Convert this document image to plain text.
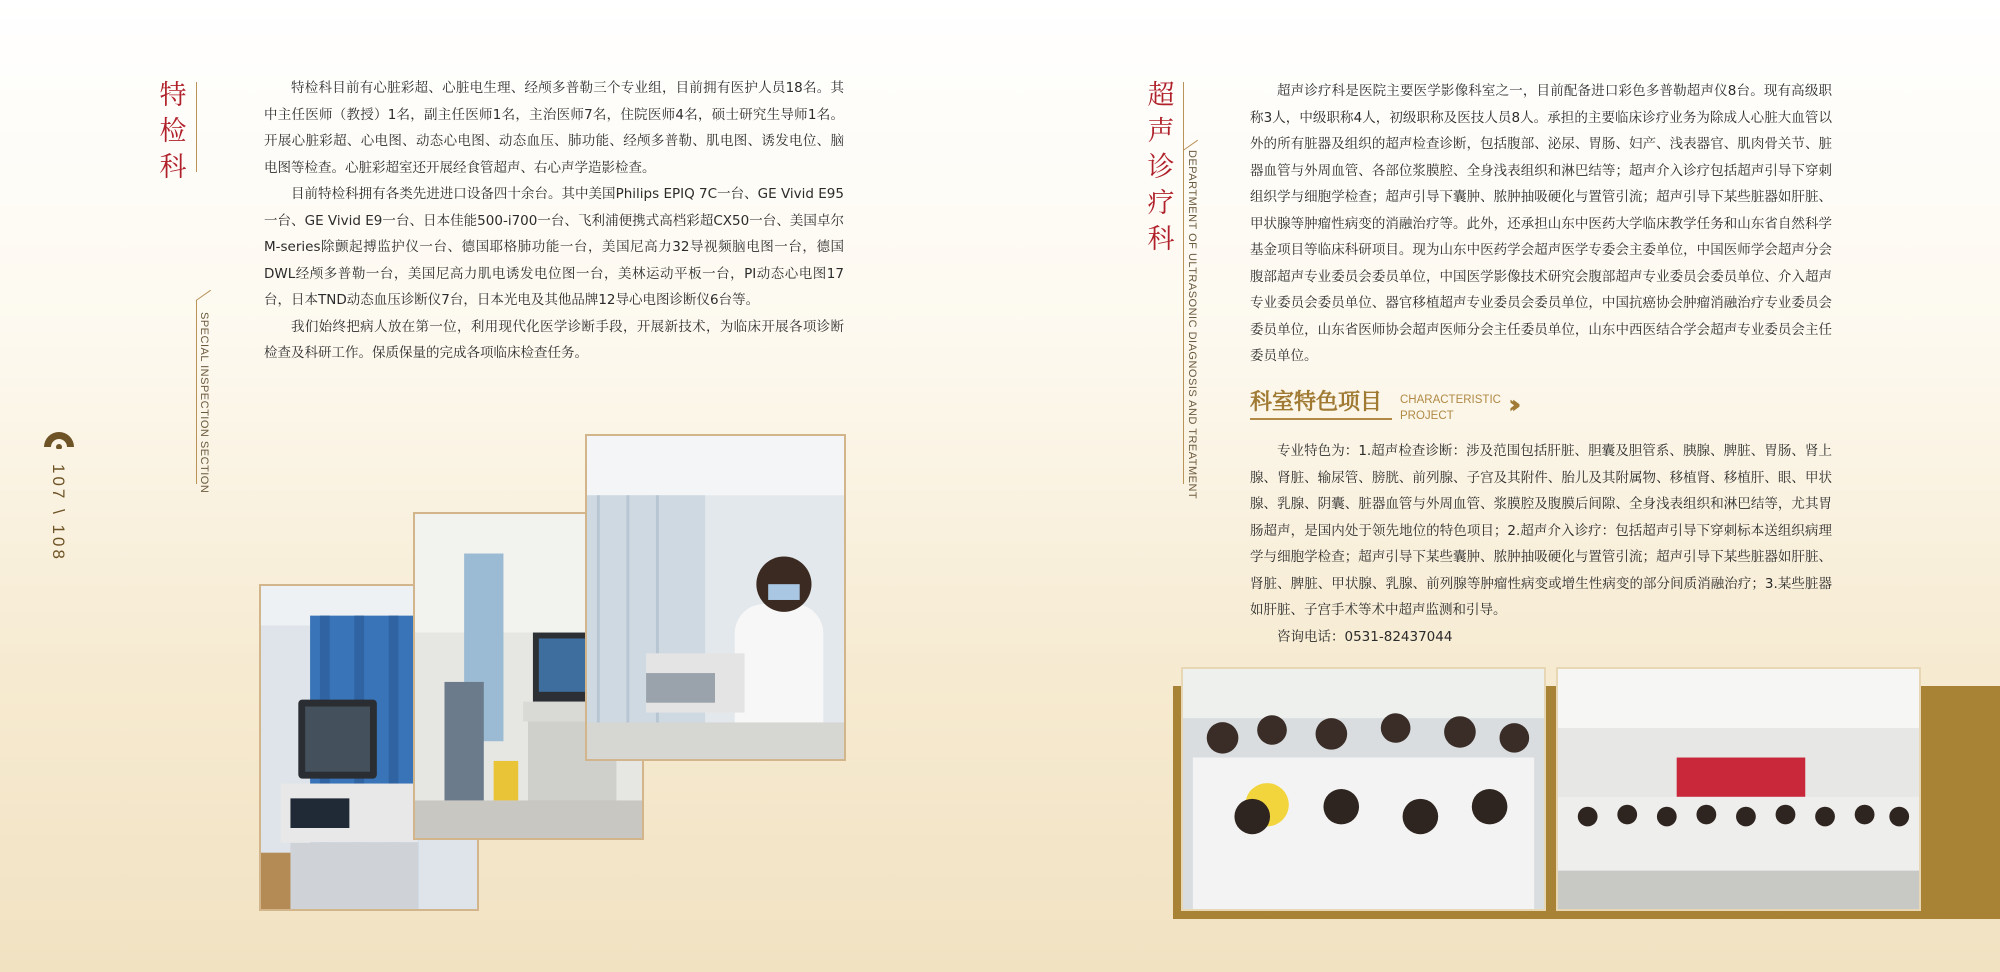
特检科
SPECIAL INSPECTION SECTION
107 \ 108

特检科目前有心脏彩超、心脏电生理、经颅多普勒三个专业组，目前拥有医护人员18名。其中主任医师（教授）1名，副主任医师1名，主治医师7名，住院医师4名，硕士研究生导师1名。开展心脏彩超、心电图、动态心电图、动态血压、肺功能、经颅多普勒、肌电图、诱发电位、脑电图等检查。心脏彩超室还开展经食管超声、右心声学造影检查。

目前特检科拥有各类先进进口设备四十余台。其中美国Philips EPIQ 7C一台、GE Vivid E95一台、GE Vivid E9一台、日本佳能500-i700一台、飞利浦便携式高档彩超CX50一台、美国卓尔M-series除颤起搏监护仪一台、德国耶格肺功能一台，美国尼高力32导视频脑电图一台，德国DWL经颅多普勒一台，美国尼高力肌电诱发电位图一台，美林运动平板一台，PI动态心电图17台，日本TND动态血压诊断仪7台，日本光电及其他品牌12导心电图诊断仪6台等。

我们始终把病人放在第一位，利用现代化医学诊断手段，开展新技术，为临床开展各项诊断检查及科研工作。保质保量的完成各项临床检查任务。

超声诊疗科	DEPARTMENT OF ULTRASONIC DIAGNOSIS AND TREATMENT

超声诊疗科是医院主要医学影像科室之一，目前配备进口彩色多普勒超声仪8台。现有高级职称3人，中级职称4人，初级职称及医技人员8人。承担的主要临床诊疗业务为除成人心脏大血管以外的所有脏器及组织的超声检查诊断，包括腹部、泌尿、胃肠、妇产、浅表器官、肌肉骨关节、脏器血管与外周血管、各部位浆膜腔、全身浅表组织和淋巴结等；超声介入诊疗包括超声引导下穿刺组织学与细胞学检查；超声引导下囊肿、脓肿抽吸硬化与置管引流；超声引导下某些脏器如肝脏、甲状腺等肿瘤性病变的消融治疗等。此外，还承担山东中医药大学临床教学任务和山东省自然科学基金项目等临床科研项目。现为山东中医药学会超声医学专委会主委单位，中国医师学会超声分会腹部超声专业委员会委员单位，中国医学影像技术研究会腹部超声专业委员会委员单位、介入超声专业委员会委员单位、器官移植超声专业委员会委员单位，中国抗癌协会肿瘤消融治疗专业委员会委员单位，山东省医师协会超声医师分会主任委员单位，山东中西医结合学会超声专业委员会主任委员单位。

科室特色项目 CHARACTERISTIC
PROJECT ››

专业特色为：1.超声检查诊断：涉及范围包括肝脏、胆囊及胆管系、胰腺、脾脏、胃肠、肾上腺、肾脏、输尿管、膀胱、前列腺、子宫及其附件、胎儿及其附属物、移植肾、移植肝、眼、甲状腺、乳腺、阴囊、脏器血管与外周血管、浆膜腔及腹膜后间隙、全身浅表组织和淋巴结等，尤其胃肠超声，是国内处于领先地位的特色项目；2.超声介入诊疗：包括超声引导下穿刺标本送组织病理学与细胞学检查；超声引导下某些囊肿、脓肿抽吸硬化与置管引流；超声引导下某些脏器如肝脏、肾脏、脾脏、甲状腺、乳腺、前列腺等肿瘤性病变或增生性病变的部分间质消融治疗；3.某些脏器如肝脏、子宫手术等术中超声监测和引导。

咨询电话：0531-82437044
